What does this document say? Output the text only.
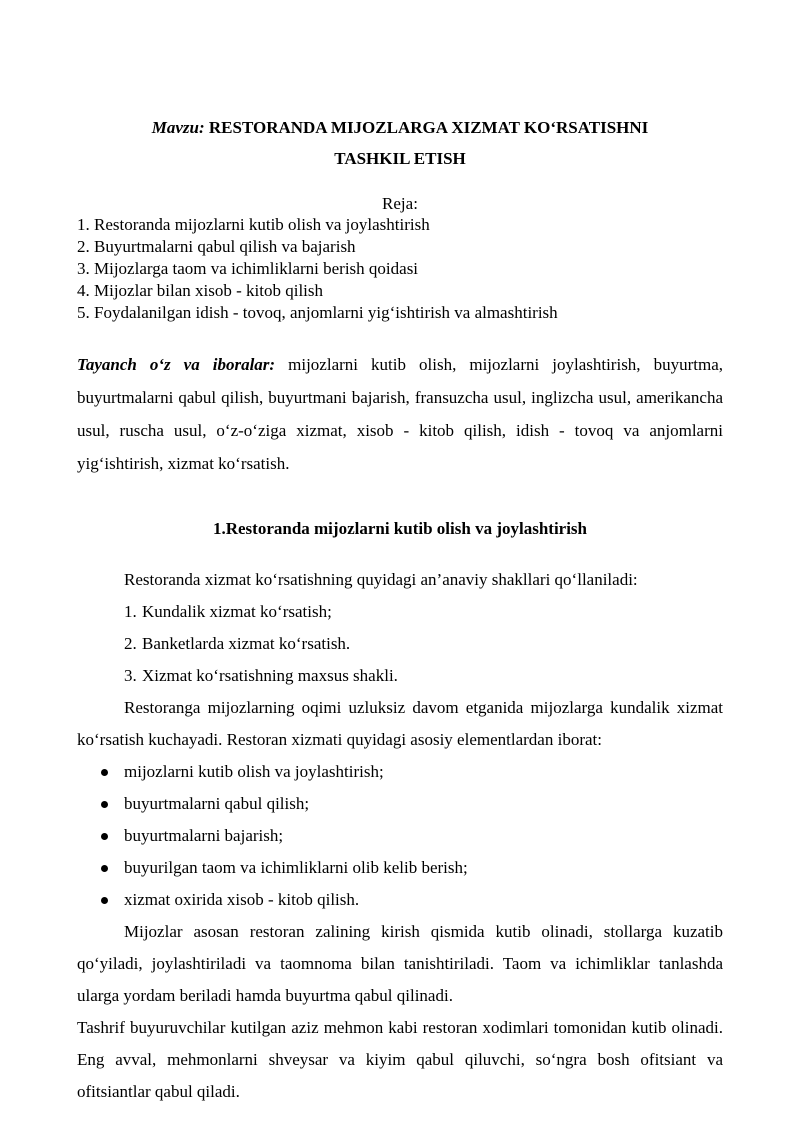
Mavzu: RESTORANDA MIJOZLARGA XIZMAT KO‘RSATISHNI
TASHKIL ETISH
Reja:
1. Restoranda mijozlarni kutib olish va joylashtirish
2. Buyurtmalarni qabul qilish va bajarish
3. Mijozlarga taom va ichimliklarni berish qoidasi
4. Mijozlar bilan xisob - kitob qilish
5. Foydalanilgan idish - tovoq, anjomlarni yig‘ishtirish va almashtirish

Tayanch o‘z va iboralar: mijozlarni kutib olish, mijozlarni joylashtirish, buyurtma, buyurtmalarni qabul qilish, buyurtmani bajarish, fransuzcha usul, inglizcha usul, amerikancha usul, ruscha usul, o‘z-o‘ziga xizmat, xisob - kitob qilish, idish - tovoq va anjomlarni yig‘ishtirish, xizmat ko‘rsatish.

1.Restoranda mijozlarni kutib olish va joylashtirish

Restoranda xizmat ko‘rsatishning quyidagi an’anaviy shakllari qo‘llaniladi:

1. Kundalik xizmat ko‘rsatish;
2. Banketlarda xizmat ko‘rsatish.
3. Xizmat ko‘rsatishning maxsus shakli.

Restoranga mijozlarning oqimi uzluksiz davom etganida mijozlarga kundalik xizmat ko‘rsatish kuchayadi. Restoran xizmati quyidagi asosiy elementlardan iborat:

mijozlarni kutib olish va joylashtirish;
buyurtmalarni qabul qilish;
buyurtmalarni bajarish;
buyurilgan taom va ichimliklarni olib kelib berish;
xizmat oxirida xisob - kitob qilish.

Mijozlar asosan restoran zalining kirish qismida kutib olinadi, stollarga kuzatib qo‘yiladi, joylashtiriladi va taomnoma bilan tanishtiriladi. Taom va ichimliklar tanlashda ularga yordam beriladi hamda buyurtma qabul qilinadi.

Tashrif buyuruvchilar kutilgan aziz mehmon kabi restoran xodimlari tomonidan kutib olinadi. Eng avval, mehmonlarni shveysar va kiyim qabul qiluvchi, so‘ngra bosh ofitsiant va ofitsiantlar qabul qiladi.
